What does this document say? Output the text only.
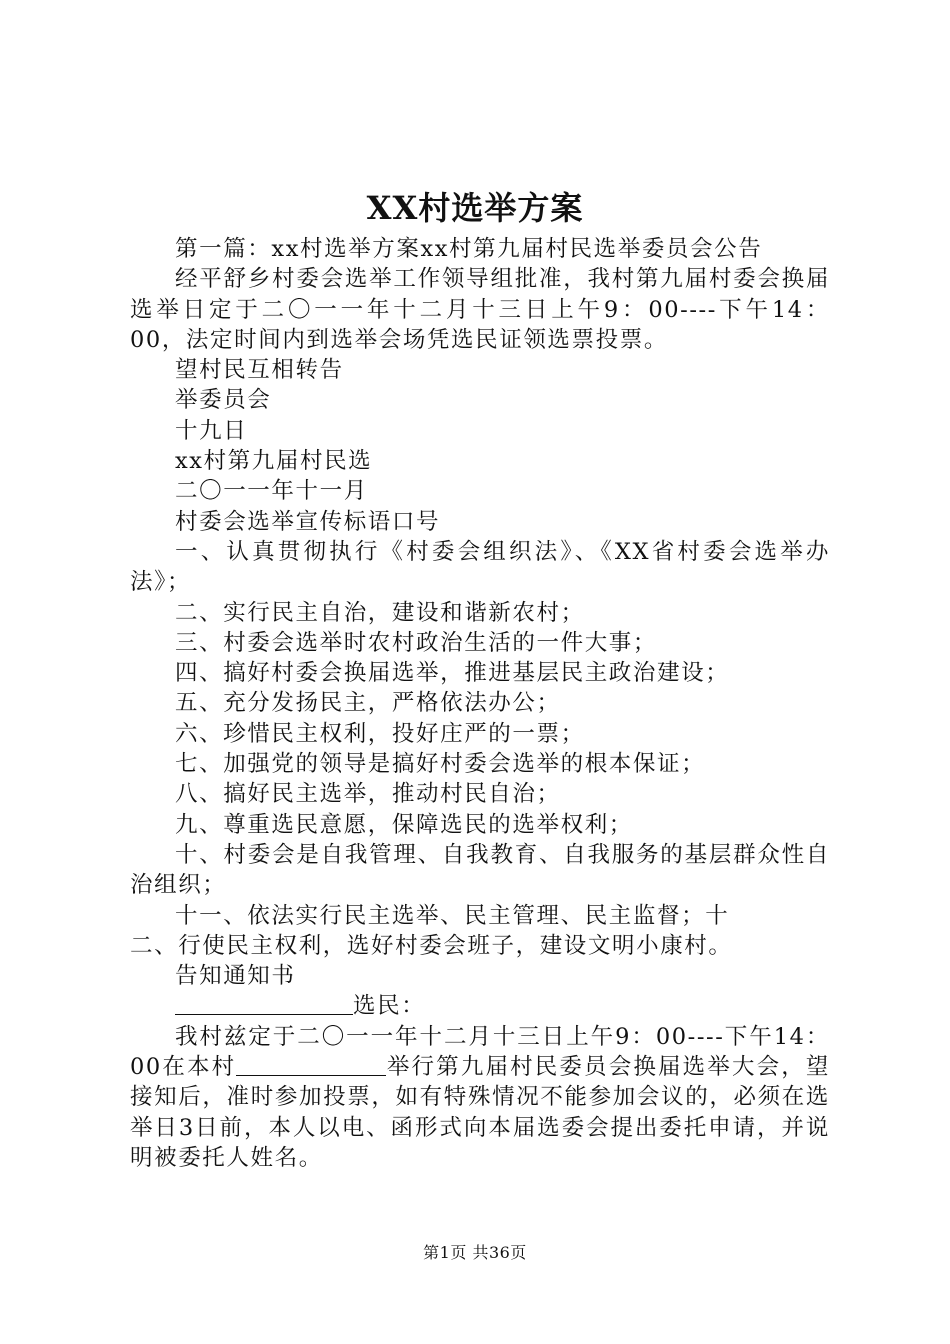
XX村选举方案

第一篇：xx村选举方案xx村第九届村民选举委员会公告

经平舒乡村委会选举工作领导组批准，我村第九届村委会换届选举日定于二〇一一年十二月十三日上午9：00----下午14：00，法定时间内到选举会场凭选民证领选票投票。

望村民互相转告

举委员会

十九日

xx村第九届村民选

二〇一一年十一月

村委会选举宣传标语口号

一、认真贯彻执行《村委会组织法》、《XX省村委会选举办法》；

二、实行民主自治，建设和谐新农村；

三、村委会选举时农村政治生活的一件大事；

四、搞好村委会换届选举，推进基层民主政治建设；

五、充分发扬民主，严格依法办公；

六、珍惜民主权利，投好庄严的一票；

七、加强党的领导是搞好村委会选举的根本保证；

八、搞好民主选举，推动村民自治；

九、尊重选民意愿，保障选民的选举权利；

十、村委会是自我管理、自我教育、自我服务的基层群众性自治组织；

十一、依法实行民主选举、民主管理、民主监督；十

二、行使民主权利，选好村委会班子，建设文明小康村。

告知通知书

选民：

我村兹定于二〇一一年十二月十三日上午9：00----下午14：00在本村	举行第九届村民委员会换届选举大会，望接知后，准时参加投票，如有特殊情况不能参加会议的，必须在选举日3日前，本人以电、函形式向本届选委会提出委托申请，并说明被委托人姓名。

第1页 共36页
